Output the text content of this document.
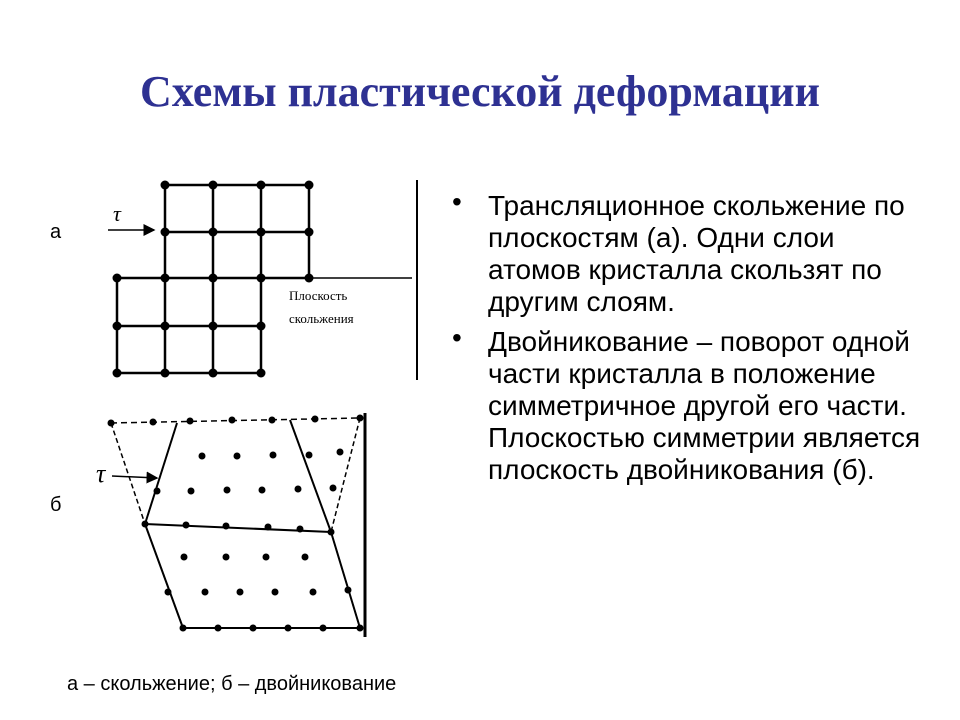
Схемы пластической деформации
а
б
τ
Плоскость
скольжения
τ
• Трансляционное скольжение по плоскостям (а). Одни слои атомов кристалла скользят по другим слоям.
• Двойникование – поворот одной части кристалла в положение симметричное другой его части. Плоскостью симметрии является плоскость двойникования (б).
а – скольжение; б – двойникование
